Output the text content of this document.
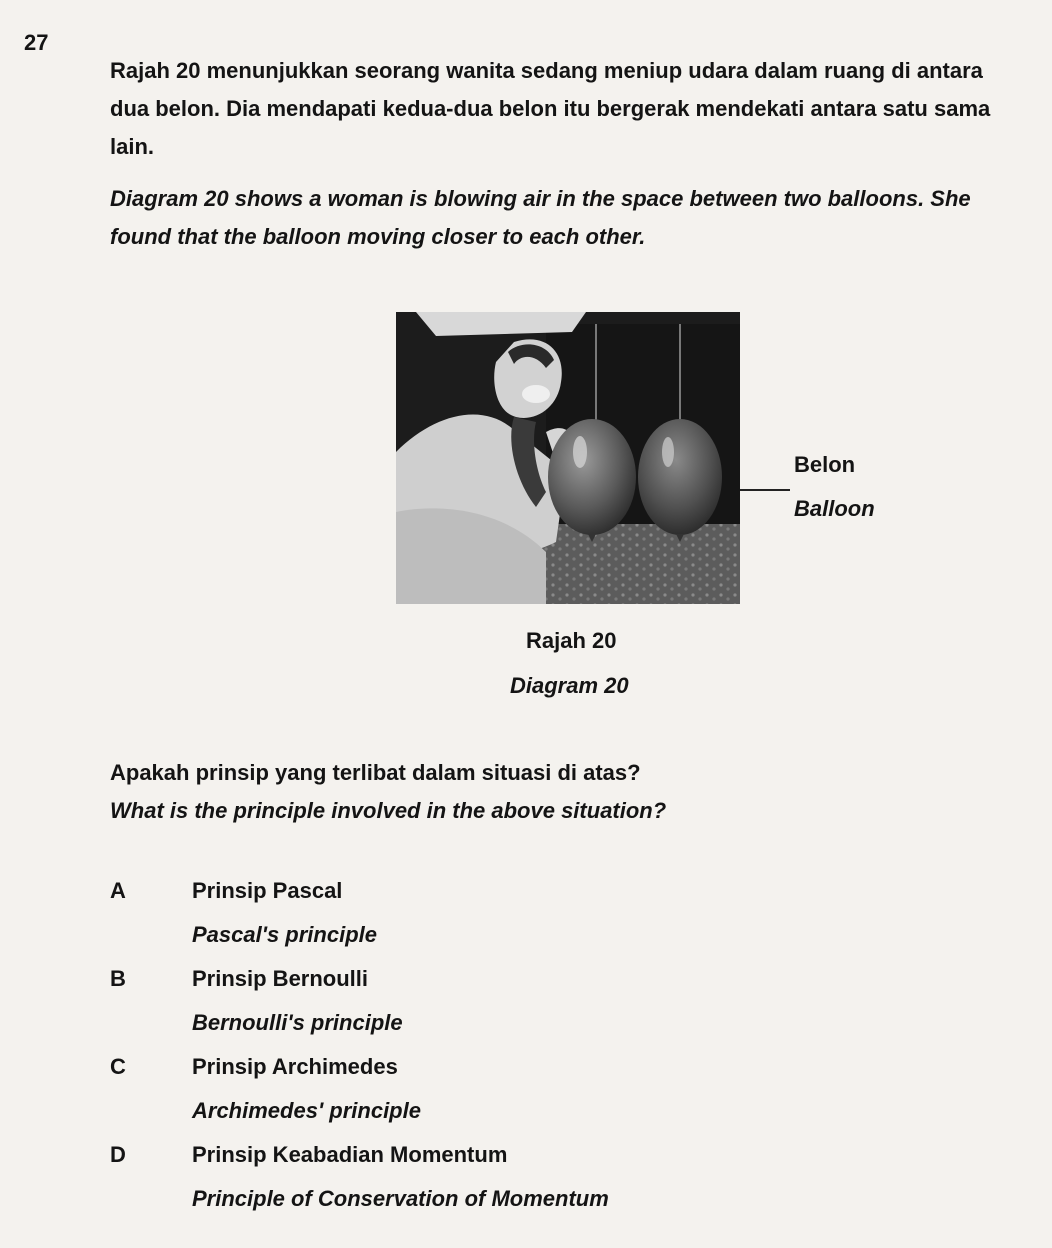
27

Rajah 20 menunjukkan seorang wanita sedang meniup udara dalam ruang di antara

dua belon. Dia mendapati kedua-dua belon itu bergerak mendekati antara satu sama

lain.

Diagram 20 shows a woman is blowing air in the space between two balloons. She

found that the balloon moving closer to each other.

Belon
Balloon
Rajah 20
Diagram 20
Apakah prinsip yang terlibat dalam situasi di atas?
What is the principle involved in the above situation?
A	Prinsip Pascal
Pascal's principle
B	Prinsip Bernoulli
Bernoulli's principle
C	Prinsip Archimedes
Archimedes' principle
D	Prinsip Keabadian Momentum
Principle of Conservation of Momentum
